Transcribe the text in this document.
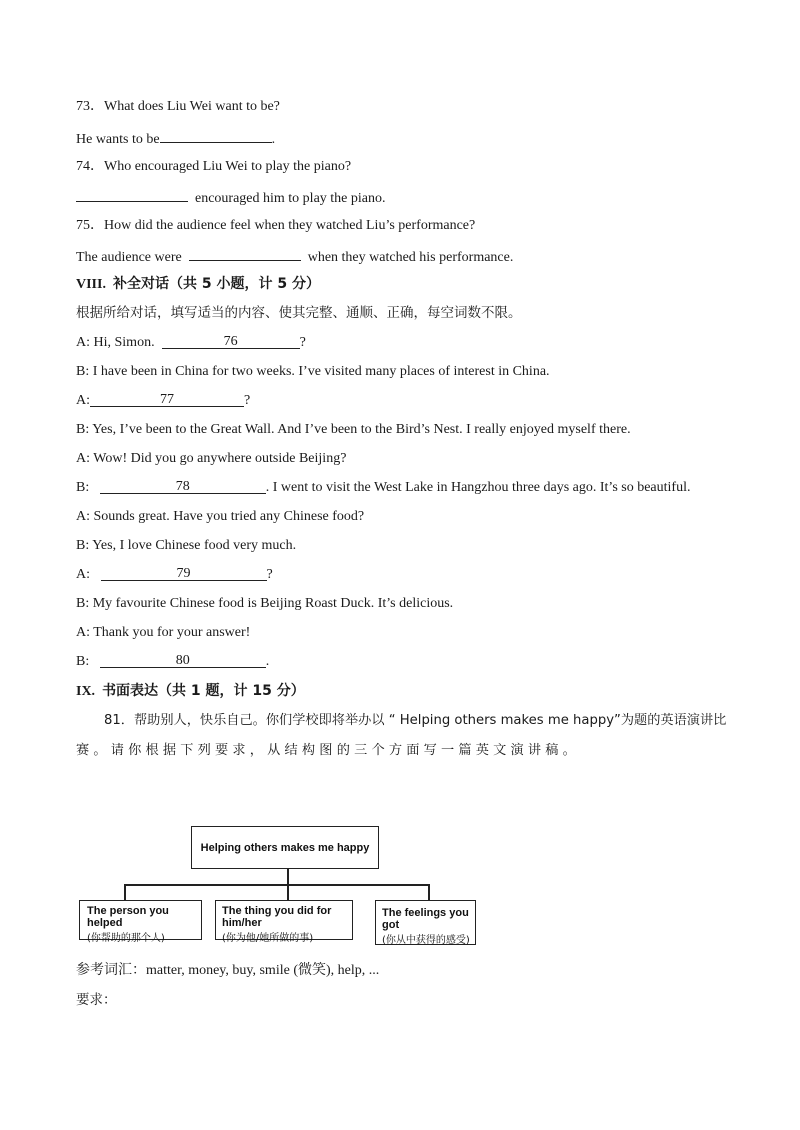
73．What does Liu Wei want to be?
He wants to be	.
74．Who encouraged Liu Wei to play the piano?
encouraged him to play the piano.
75．How did the audience feel when they watched Liu’s performance?
The audience were	when they watched his performance.
VIII. 补全对话（共 5 小题，计 5 分）
根据所给对话，填写适当的内容、使其完整、通顺、正确，每空词数不限。
A: Hi, Simon.	76	?
B: I have been in China for two weeks. I’ve visited many places of interest in China.
A:	77	?
B: Yes, I’ve been to the Great Wall. And I’ve been to the Bird’s Nest. I really enjoyed myself there.
A: Wow! Did you go anywhere outside Beijing?
B:	78	. I went to visit the West Lake in Hangzhou three days ago. It’s so beautiful.
A: Sounds great. Have you tried any Chinese food?
B: Yes, I love Chinese food very much.
A:	79	?
B: My favourite Chinese food is Beijing Roast Duck. It’s delicious.
A: Thank you for your answer!
B:	80	.
IX. 书面表达（共 1 题，计 15 分）
81．帮助别人，快乐自己。你们学校即将举办以 “ Helping others makes me happy”为题的英语演讲比
赛 。 请 你 根 据 下 列 要 求 ， 从 结 构 图 的 三 个 方 面 写 一 篇 英 文 演 讲 稿 。
Helping others makes me happy
The person you helped
(你帮助的那个人)
The thing you did for him/her
(你为他/她所做的事)
The feelings you got
(你从中获得的感受)
参考词汇：matter, money, buy, smile (微笑), help, ...
要求：
